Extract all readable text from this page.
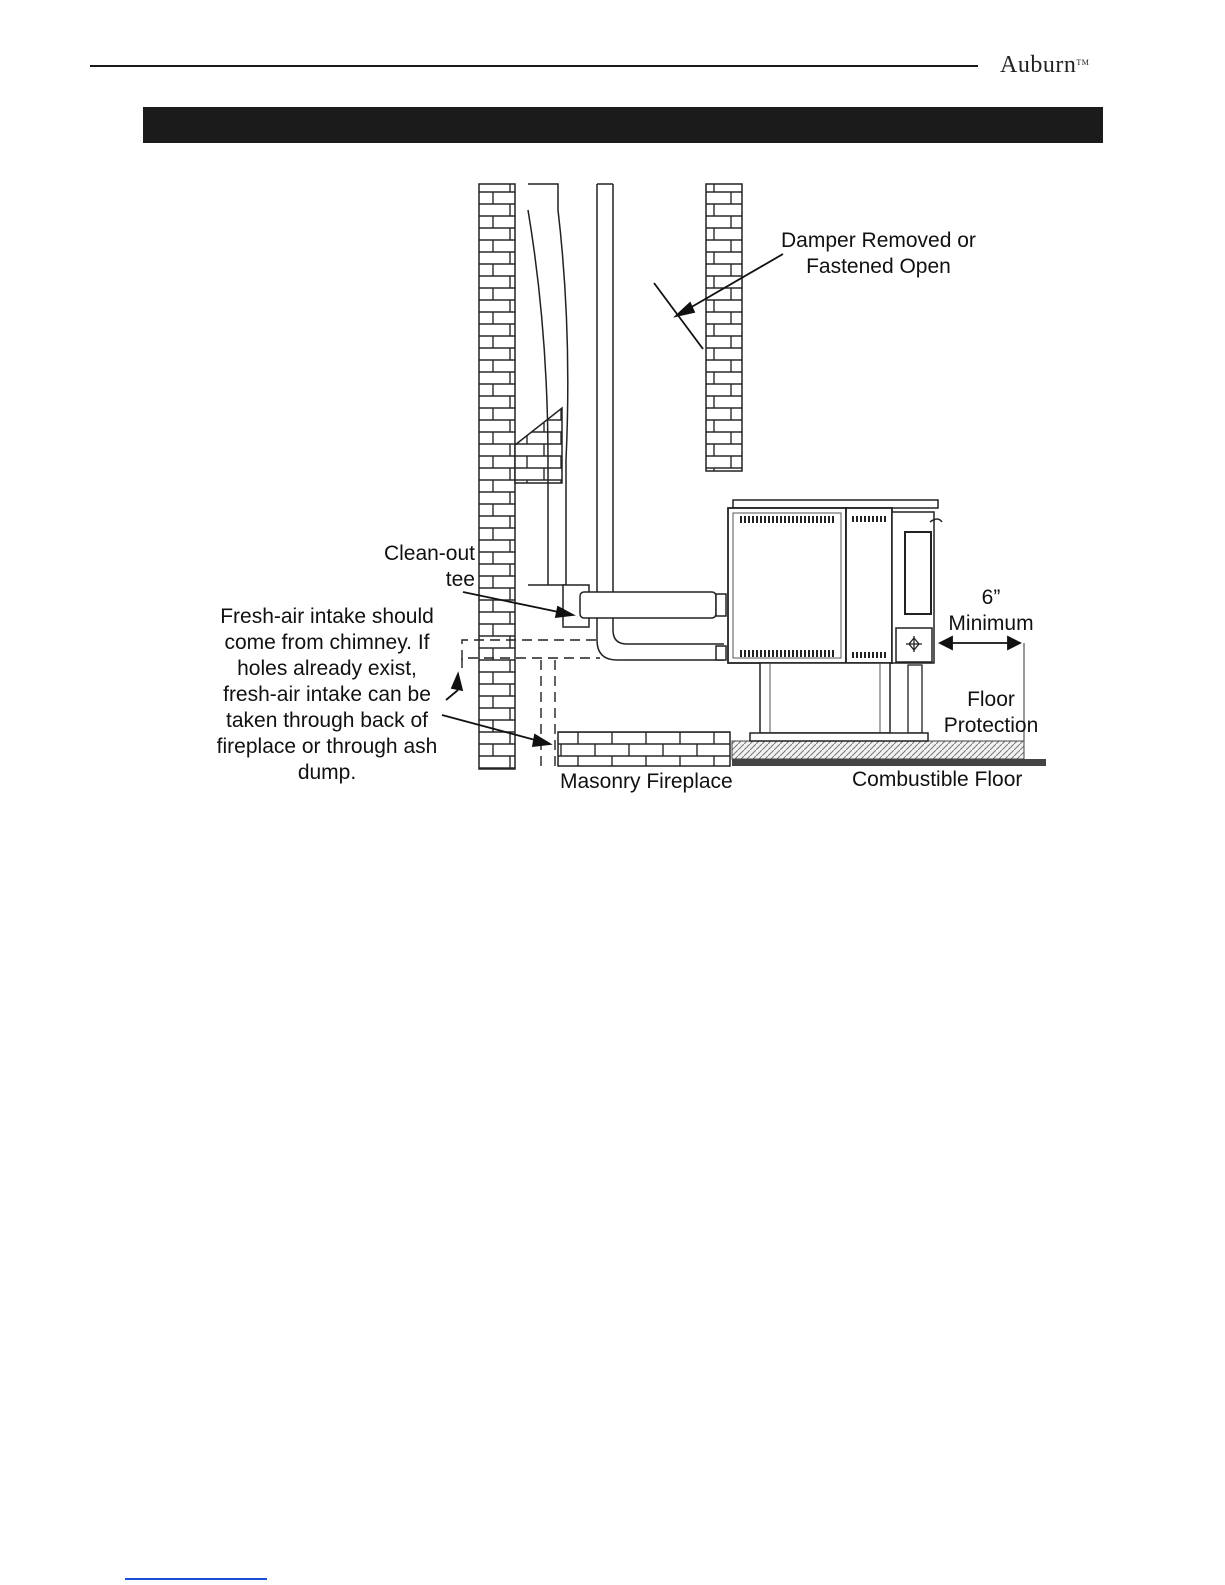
Auburn™
Damper Removed or
Fastened Open
Clean-out
tee
Fresh-air intake should
come from chimney. If
holes already exist,
fresh-air intake can be
taken through back of
fireplace or through ash
dump.
6”
Minimum
Floor
Protection
Masonry Fireplace	Combustible Floor
